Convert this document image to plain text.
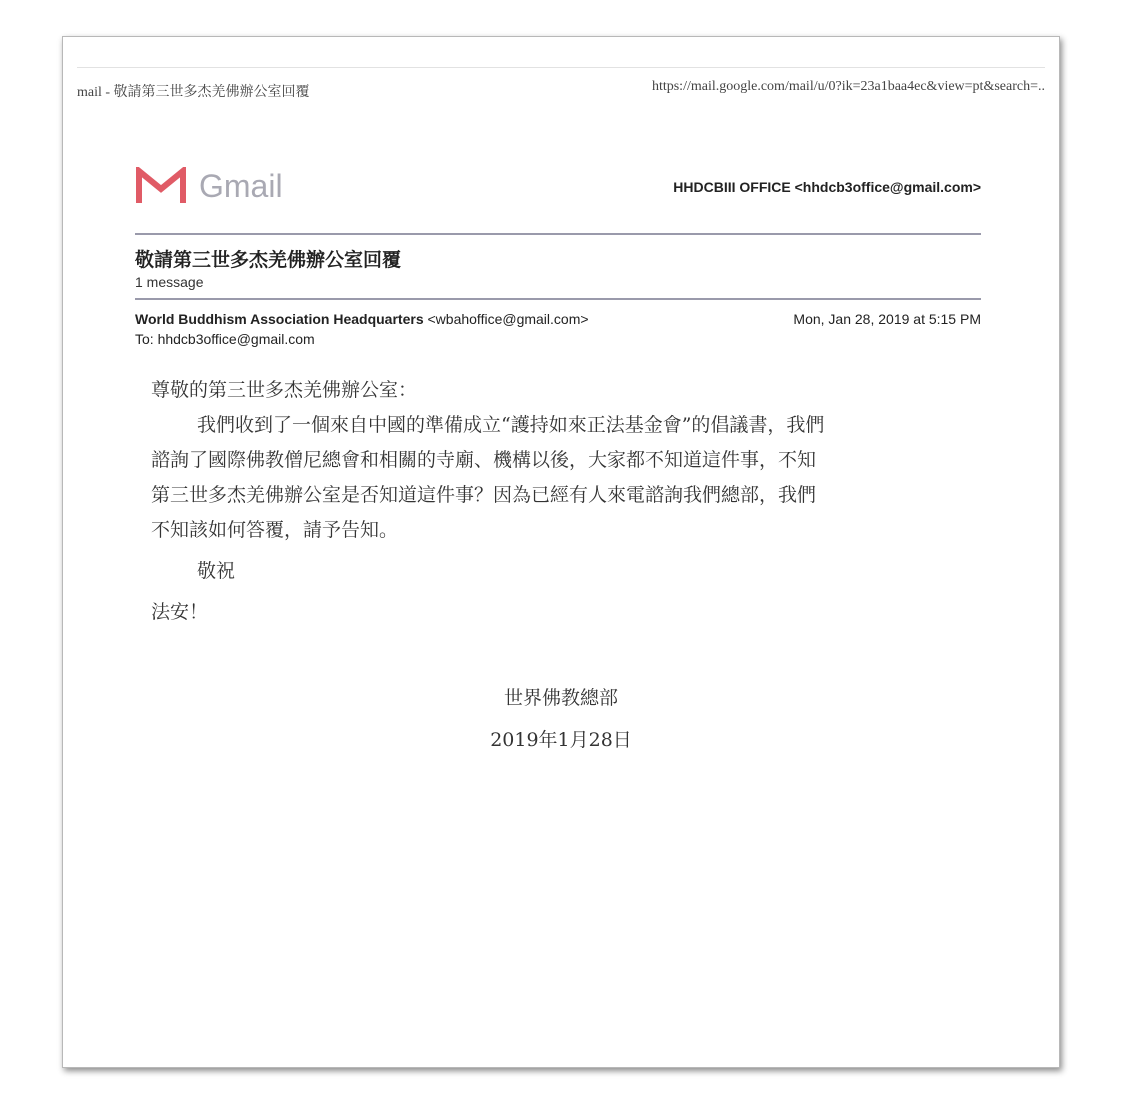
mail - 敬請第三世多杰羌佛辦公室回覆	https://mail.google.com/mail/u/0?ik=23a1baa4ec&view=pt&search=..
Gmail	HHDCBIII OFFICE <hhdcb3office@gmail.com>
敬請第三世多杰羌佛辦公室回覆
1 message
World Buddhism Association Headquarters <wbahoffice@gmail.com>
To: hhdcb3office@gmail.com
Mon, Jan 28, 2019 at 5:15 PM
尊敬的第三世多杰羌佛辦公室：
我們收到了一個來自中國的準備成立“護持如來正法基金會”的倡議書，我們
諮詢了國際佛教僧尼總會和相關的寺廟、機構以後，大家都不知道這件事，不知
第三世多杰羌佛辦公室是否知道這件事？因為已經有人來電諮詢我們總部，我們
不知該如何答覆，請予告知。
敬祝
法安！
世界佛教總部
2019年1月28日
